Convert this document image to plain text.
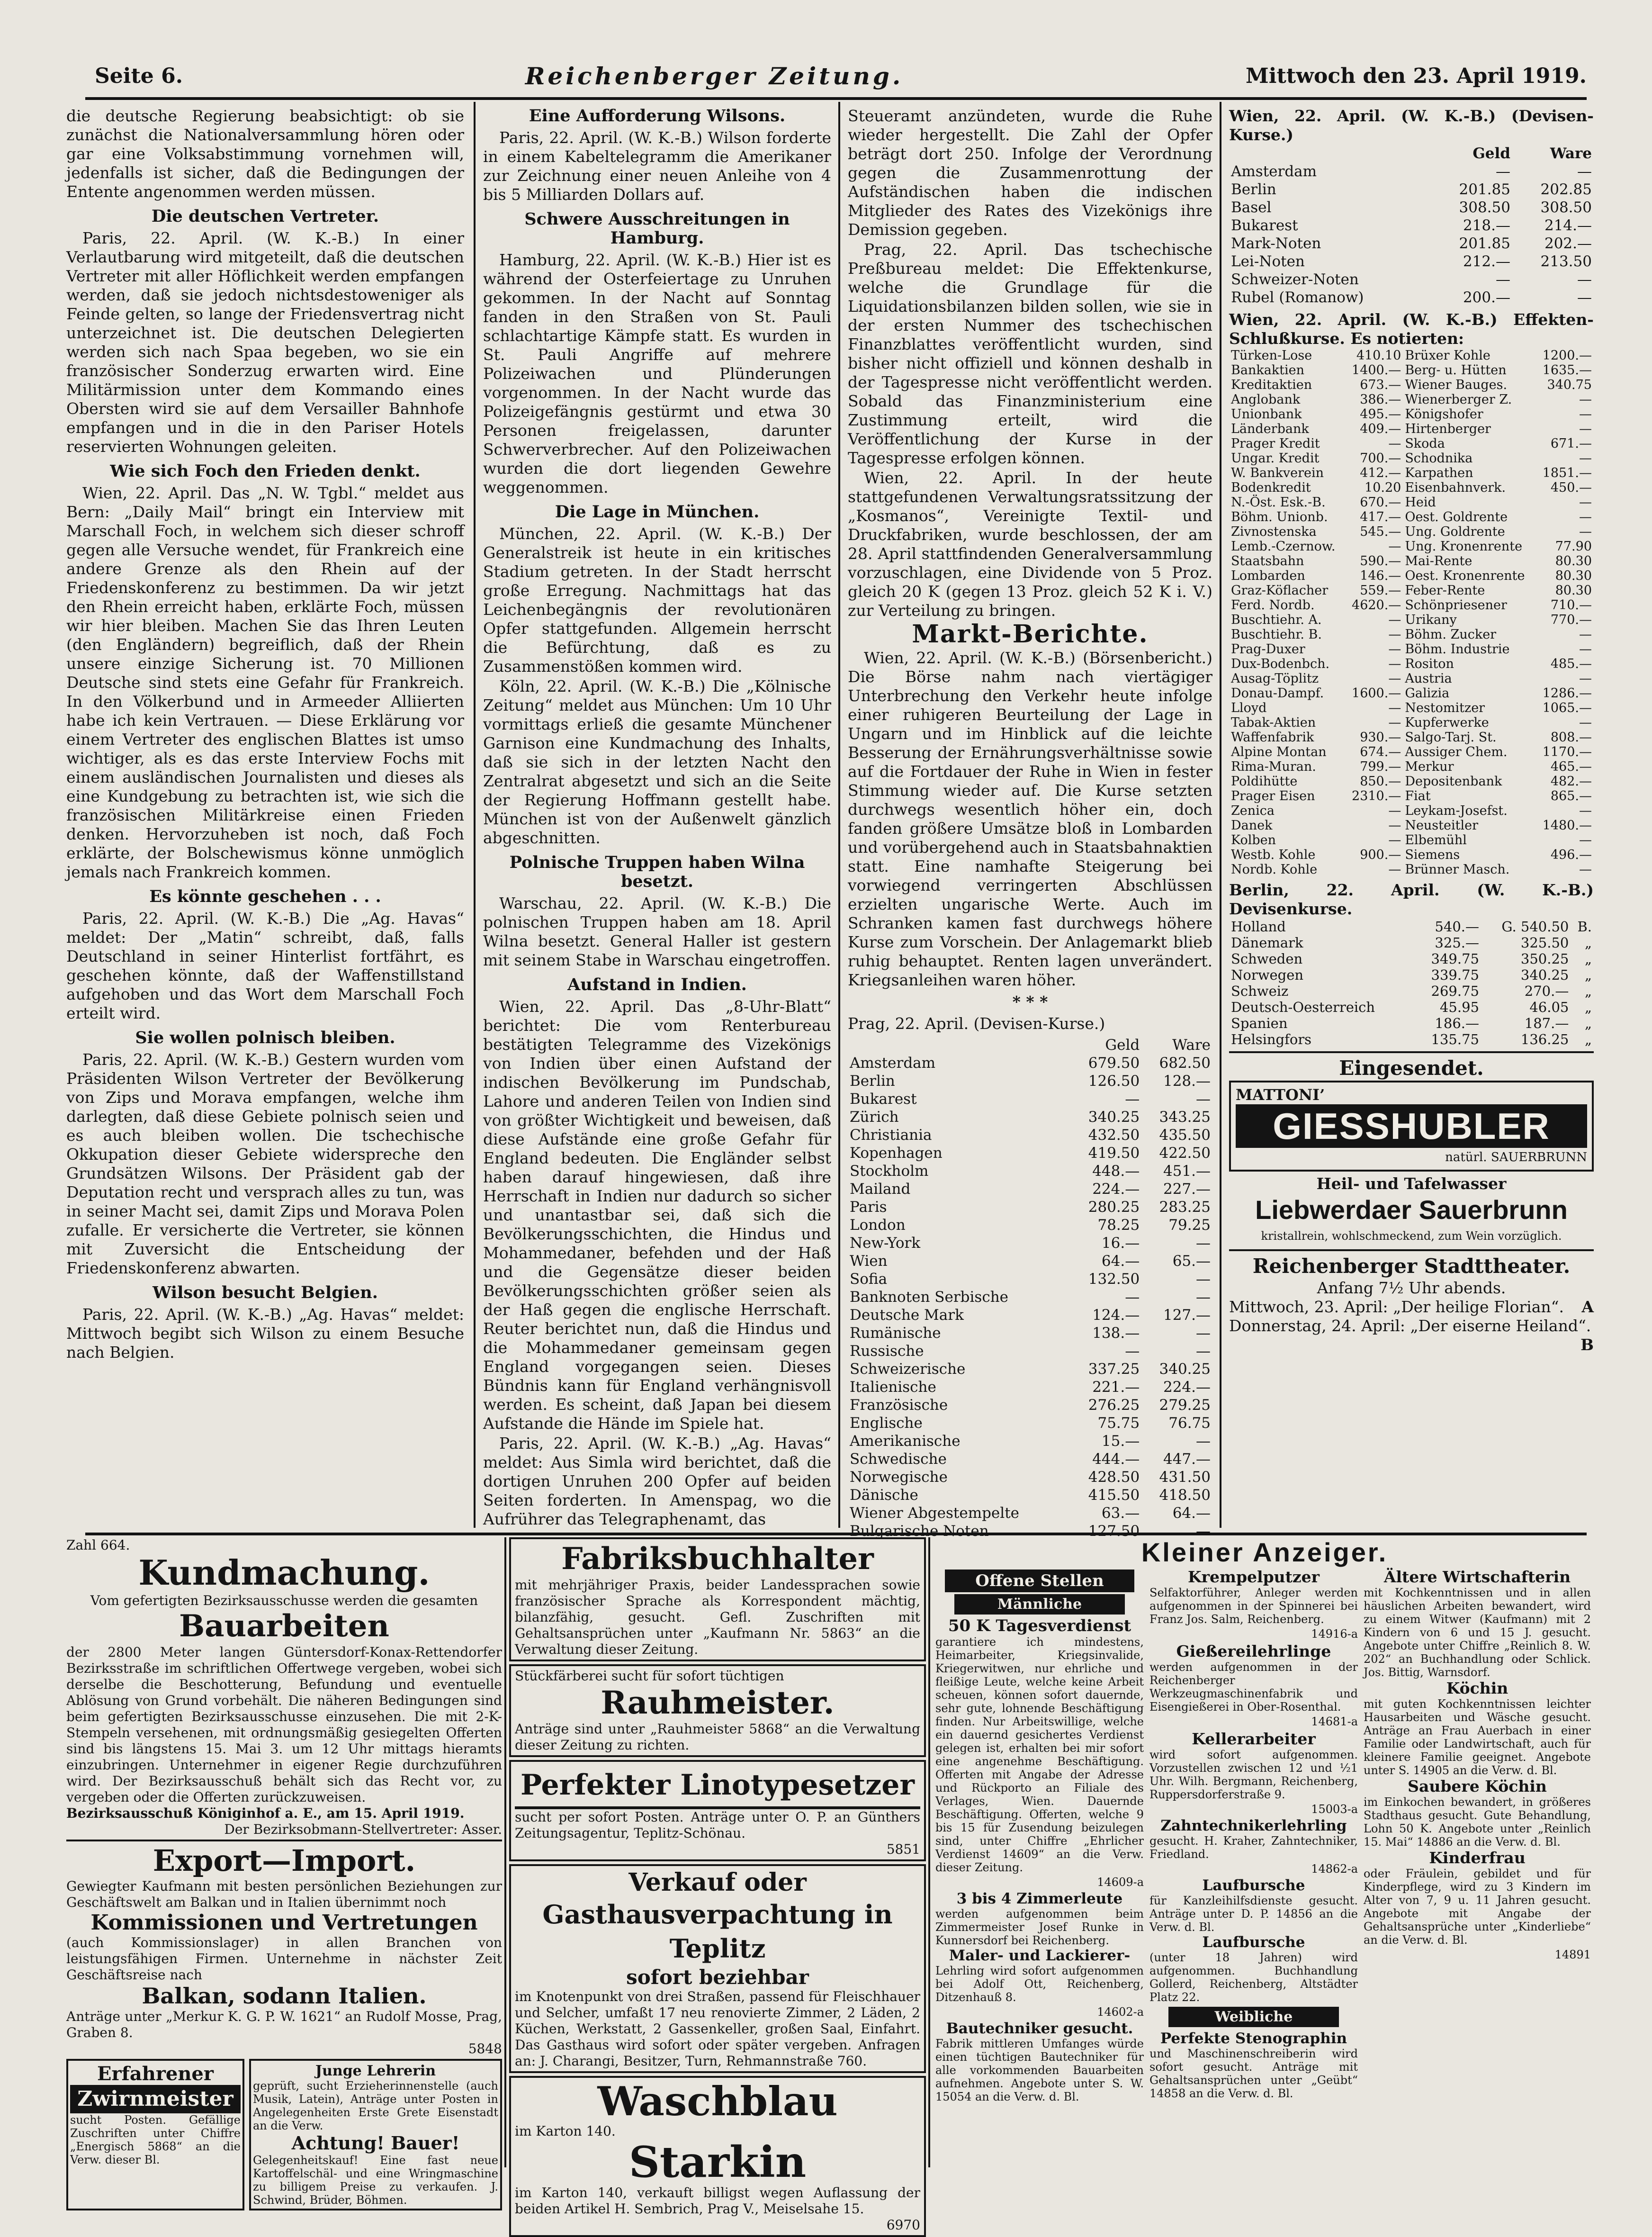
Seite 6.	Reichenberger Zeitung.	Mittwoch den 23. April 1919.

die deutsche Regierung beabsichtigt: ob sie zunächst die Nationalversammlung hören oder gar eine Volksabstimmung vornehmen will, jedenfalls ist sicher, daß die Bedingungen der Entente angenommen werden müssen.

Die deutschen Vertreter.

Paris, 22. April. (W. K.-B.) In einer Verlautbarung wird mitgeteilt, daß die deutschen Vertreter mit aller Höflichkeit werden empfangen werden, daß sie jedoch nichtsdestoweniger als Feinde gelten, so lange der Friedensvertrag nicht unterzeichnet ist. Die deutschen Delegierten werden sich nach Spaa begeben, wo sie ein französischer Sonderzug erwarten wird. Eine Militärmission unter dem Kommando eines Obersten wird sie auf dem Versailler Bahnhofe empfangen und in die in den Pariser Hotels reservierten Wohnungen geleiten.

Wie sich Foch den Frieden denkt.

Wien, 22. April. Das „N. W. Tgbl.“ meldet aus Bern: „Daily Mail“ bringt ein Interview mit Marschall Foch, in welchem sich dieser schroff gegen alle Versuche wendet, für Frankreich eine andere Grenze als den Rhein auf der Friedenskonferenz zu bestimmen. Da wir jetzt den Rhein erreicht haben, erklärte Foch, müssen wir hier bleiben. Machen Sie das Ihren Leuten (den Engländern) begreiflich, daß der Rhein unsere einzige Sicherung ist. 70 Millionen Deutsche sind stets eine Gefahr für Frankreich. In den Völkerbund und in Armeeder Alliierten habe ich kein Vertrauen. — Diese Erklärung vor einem Vertreter des englischen Blattes ist umso wichtiger, als es das erste Interview Fochs mit einem ausländischen Journalisten und dieses als eine Kundgebung zu betrachten ist, wie sich die französischen Militärkreise einen Frieden denken. Hervorzuheben ist noch, daß Foch erklärte, der Bolschewismus könne unmöglich jemals nach Frankreich kommen.

Es könnte geschehen . . .

Paris, 22. April. (W. K.-B.) Die „Ag. Havas“ meldet: Der „Matin“ schreibt, daß, falls Deutschland in seiner Hinterlist fortfährt, es geschehen könnte, daß der Waffenstillstand aufgehoben und das Wort dem Marschall Foch erteilt wird.

Sie wollen polnisch bleiben.

Paris, 22. April. (W. K.-B.) Gestern wurden vom Präsidenten Wilson Vertreter der Bevölkerung von Zips und Morava empfangen, welche ihm darlegten, daß diese Gebiete polnisch seien und es auch bleiben wollen. Die tschechische Okkupation dieser Gebiete widerspreche den Grundsätzen Wilsons. Der Präsident gab der Deputation recht und versprach alles zu tun, was in seiner Macht sei, damit Zips und Morava Polen zufalle. Er versicherte die Vertreter, sie können mit Zuversicht die Entscheidung der Friedenskonferenz abwarten.

Wilson besucht Belgien.

Paris, 22. April. (W. K.-B.) „Ag. Havas“ meldet: Mittwoch begibt sich Wilson zu einem Besuche nach Belgien.

Eine Aufforderung Wilsons.

Paris, 22. April. (W. K.-B.) Wilson forderte in einem Kabeltelegramm die Amerikaner zur Zeichnung einer neuen Anleihe von 4 bis 5 Milliarden Dollars auf.

Schwere Ausschreitungen in Hamburg.

Hamburg, 22. April. (W. K.-B.) Hier ist es während der Osterfeiertage zu Unruhen gekommen. In der Nacht auf Sonntag fanden in den Straßen von St. Pauli schlachtartige Kämpfe statt. Es wurden in St. Pauli Angriffe auf mehrere Polizeiwachen und Plünderungen vorgenommen. In der Nacht wurde das Polizeigefängnis gestürmt und etwa 30 Personen freigelassen, darunter Schwerverbrecher. Auf den Polizeiwachen wurden die dort liegenden Gewehre weggenommen.

Die Lage in München.

München, 22. April. (W. K.-B.) Der Generalstreik ist heute in ein kritisches Stadium getreten. In der Stadt herrscht große Erregung. Nachmittags hat das Leichenbegängnis der revolutionären Opfer stattgefunden. Allgemein herrscht die Befürchtung, daß es zu Zusammenstößen kommen wird.

Köln, 22. April. (W. K.-B.) Die „Kölnische Zeitung“ meldet aus München: Um 10 Uhr vormittags erließ die gesamte Münchener Garnison eine Kundmachung des Inhalts, daß sie sich in der letzten Nacht den Zentralrat abgesetzt und sich an die Seite der Regierung Hoffmann gestellt habe. München ist von der Außenwelt gänzlich abgeschnitten.

Polnische Truppen haben Wilna besetzt.

Warschau, 22. April. (W. K.-B.) Die polnischen Truppen haben am 18. April Wilna besetzt. General Haller ist gestern mit seinem Stabe in Warschau eingetroffen.

Aufstand in Indien.

Wien, 22. April. Das „8-Uhr-Blatt“ berichtet: Die vom Renterbureau bestätigten Telegramme des Vizekönigs von Indien über einen Aufstand der indischen Bevölkerung im Pundschab, Lahore und anderen Teilen von Indien sind von größter Wichtigkeit und beweisen, daß diese Aufstände eine große Gefahr für England bedeuten. Die Engländer selbst haben darauf hingewiesen, daß ihre Herrschaft in Indien nur dadurch so sicher und unantastbar sei, daß sich die Bevölkerungsschichten, die Hindus und Mohammedaner, befehden und der Haß und die Gegensätze dieser beiden Bevölkerungsschichten größer seien als der Haß gegen die englische Herrschaft. Reuter berichtet nun, daß die Hindus und die Mohammedaner gemeinsam gegen England vorgegangen seien. Dieses Bündnis kann für England verhängnisvoll werden. Es scheint, daß Japan bei diesem Aufstande die Hände im Spiele hat.

Paris, 22. April. (W. K.-B.) „Ag. Havas“ meldet: Aus Simla wird berichtet, daß die dortigen Unruhen 200 Opfer auf beiden Seiten forderten. In Amenspag, wo die Aufrührer das Telegraphenamt, das

Steueramt anzündeten, wurde die Ruhe wieder hergestellt. Die Zahl der Opfer beträgt dort 250. Infolge der Verordnung gegen die Zusammenrottung der Aufständischen haben die indischen Mitglieder des Rates des Vizekönigs ihre Demission gegeben.

Prag, 22. April. Das tschechische Preßbureau meldet: Die Effektenkurse, welche die Grundlage für die Liquidationsbilanzen bilden sollen, wie sie in der ersten Nummer des tschechischen Finanzblattes veröffentlicht wurden, sind bisher nicht offiziell und können deshalb in der Tagespresse nicht veröffentlicht werden. Sobald das Finanzministerium eine Zustimmung erteilt, wird die Veröffentlichung der Kurse in der Tagespresse erfolgen können.

Wien, 22. April. In der heute stattgefundenen Verwaltungsratssitzung der „Kosmanos“, Vereinigte Textil- und Druckfabriken, wurde beschlossen, der am 28. April stattfindenden Generalversammlung vorzuschlagen, eine Dividende von 5 Proz. gleich 20 K (gegen 13 Proz. gleich 52 K i. V.) zur Verteilung zu bringen.

Markt-Berichte.

Wien, 22. April. (W. K.-B.) (Börsenbericht.) Die Börse nahm nach viertägiger Unterbrechung den Verkehr heute infolge einer ruhigeren Beurteilung der Lage in Ungarn und im Hinblick auf die leichte Besserung der Ernährungsverhältnisse sowie auf die Fortdauer der Ruhe in Wien in fester Stimmung wieder auf. Die Kurse setzten durchwegs wesentlich höher ein, doch fanden größere Umsätze bloß in Lombarden und vorübergehend auch in Staatsbahnaktien statt. Eine namhafte Steigerung bei vorwiegend verringerten Abschlüssen erzielten ungarische Werte. Auch im Schranken kamen fast durchwegs höhere Kurse zum Vorschein. Der Anlagemarkt blieb ruhig behauptet. Renten lagen unverändert. Kriegsanleihen waren höher.

* * *
Prag, 22. April. (Devisen-Kurse.)
	Geld	Ware
Amsterdam	679.50	682.50
Berlin	126.50	128.—
Bukarest	—	—
Zürich	340.25	343.25
Christiania	432.50	435.50
Kopenhagen	419.50	422.50
Stockholm	448.—	451.—
Mailand	224.—	227.—
Paris	280.25	283.25
London	78.25	79.25
New-York	16.—	—
Wien	64.—	65.—
Sofia	132.50	—
Banknoten Serbische	—	—
Deutsche Mark	124.—	127.—
Rumänische	138.—	—
Russische	—	—
Schweizerische	337.25	340.25
Italienische	221.—	224.—
Französische	276.25	279.25
Englische	75.75	76.75
Amerikanische	15.—	—
Schwedische	444.—	447.—
Norwegische	428.50	431.50
Dänische	415.50	418.50
Wiener Abgestempelte	63.—	64.—
Bulgarische Noten	127.50	—
Wien, 22. April. (W. K.-B.) (Devisen-Kurse.)
	Geld	Ware
Amsterdam	—	—
Berlin	201.85	202.85
Basel	308.50	308.50
Bukarest	218.—	214.—
Mark-Noten	201.85	202.—
Lei-Noten	212.—	213.50
Schweizer-Noten	—	—
Rubel (Romanow)	200.—	—
Wien, 22. April. (W. K.-B.) Effekten-Schlußkurse. Es notierten:
Türken-Lose	410.10	Brüxer Kohle	1200.—
Bankaktien	1400.—	Berg- u. Hütten	1635.—
Kreditaktien	673.—	Wiener Bauges.	340.75
Anglobank	386.—	Wienerberger Z.	—
Unionbank	495.—	Königshofer	—
Länderbank	409.—	Hirtenberger	—
Prager Kredit	—	Skoda	671.—
Ungar. Kredit	700.—	Schodnika	—
W. Bankverein	412.—	Karpathen	1851.—
Bodenkredit	10.20	Eisenbahnverk.	450.—
N.-Öst. Esk.-B.	670.—	Heid	—
Böhm. Unionb.	417.—	Oest. Goldrente	—
Zivnostenska	545.—	Ung. Goldrente	—
Lemb.-Czernow.	—	Ung. Kronenrente	77.90
Staatsbahn	590.—	Mai-Rente	80.30
Lombarden	146.—	Oest. Kronenrente	80.30
Graz-Köflacher	559.—	Feber-Rente	80.30
Ferd. Nordb.	4620.—	Schönpriesener	710.—
Buschtiehr. A.	—	Urikany	770.—
Buschtiehr. B.	—	Böhm. Zucker	—
Prag-Duxer	—	Böhm. Industrie	—
Dux-Bodenbch.	—	Rositon	485.—
Ausag-Töplitz	—	Austria	—
Donau-Dampf.	1600.—	Galizia	1286.—
Lloyd	—	Nestomitzer	1065.—
Tabak-Aktien	—	Kupferwerke	—
Waffenfabrik	930.—	Salgo-Tarj. St.	808.—
Alpine Montan	674.—	Aussiger Chem.	1170.—
Rima-Muran.	799.—	Merkur	465.—
Poldihütte	850.—	Depositenbank	482.—
Prager Eisen	2310.—	Fiat	865.—
Zenica	—	Leykam-Josefst.	—
Danek	—	Neusteitler	1480.—
Kolben	—	Elbemühl	—
Westb. Kohle	900.—	Siemens	496.—
Nordb. Kohle	—	Brünner Masch.	—
Berlin, 22. April. (W. K.-B.) Devisenkurse.
Holland	540.—	G. 540.50	B.
Dänemark	325.—	325.50	„
Schweden	349.75	350.25	„
Norwegen	339.75	340.25	„
Schweiz	269.75	270.—	„
Deutsch-Oesterreich	45.95	46.05	„
Spanien	186.—	187.—	„
Helsingfors	135.75	136.25	„
Eingesendet.
MATTONI’
GIESSHUBLER
natürl. SAUERBRUNN
Heil- und Tafelwasser
Liebwerdaer Sauerbrunn
kristallrein, wohlschmeckend, zum Wein vorzüglich.
Reichenberger Stadttheater.
Anfang 7½ Uhr abends.
Mittwoch, 23. April: „Der heilige Florian“. A
Donnerstag, 24. April: „Der eiserne Heiland“.
B
Zahl 664.
Kundmachung.
Vom gefertigten Bezirksausschusse werden die gesamten
Bauarbeiten
der 2800 Meter langen Güntersdorf-Konax-Rettendorfer Bezirksstraße im schriftlichen Offertwege vergeben, wobei sich derselbe die Beschotterung, Befundung und eventuelle Ablösung von Grund vorbehält. Die näheren Bedingungen sind beim gefertigten Bezirksausschusse einzusehen. Die mit 2-K-Stempeln versehenen, mit ordnungsmäßig gesiegelten Offerten sind bis längstens 15. Mai 3. um 12 Uhr mittags hieramts einzubringen. Unternehmer in eigener Regie durchzuführen wird. Der Bezirksausschuß behält sich das Recht vor, zu vergeben oder die Offerten zurückzuweisen.
Bezirksausschuß Königinhof a. E., am 15. April 1919.
Der Bezirksobmann-Stellvertreter: Asser.
Export—Import.
Gewiegter Kaufmann mit besten persönlichen Beziehungen zur Geschäftswelt am Balkan und in Italien übernimmt noch
Kommissionen und Vertretungen
(auch Kommissionslager) in allen Branchen von leistungsfähigen Firmen. Unternehme in nächster Zeit Geschäftsreise nach
Balkan, sodann Italien.
Anträge unter „Merkur K. G. P. W. 1621“ an Rudolf Mosse, Prag, Graben 8.
5848
Erfahrener
Zwirnmeister
sucht Posten. Gefällige Zuschriften unter Chiffre „Energisch 5868“ an die Verw. dieser Bl.
Junge Lehrerin
geprüft, sucht Erzieherinnenstelle (auch Musik, Latein), Anträge unter Posten in Angelegenheiten Erste Grete Eisenstadt an die Verw.
Achtung! Bauer!
Gelegenheitskauf! Eine fast neue Kartoffelschäl- und eine Wringmaschine zu billigem Preise zu verkaufen. J. Schwind, Brüder, Böhmen.
Fabriksbuchhalter
mit mehrjähriger Praxis, beider Landessprachen sowie französischer Sprache als Korrespondent mächtig, bilanzfähig, gesucht. Gefl. Zuschriften mit Gehaltsansprüchen unter „Kaufmann Nr. 5863“ an die Verwaltung dieser Zeitung.
Stückfärberei sucht für sofort tüchtigen
Rauhmeister.
Anträge sind unter „Rauhmeister 5868“ an die Verwaltung dieser Zeitung zu richten.
Perfekter Linotypesetzer
sucht per sofort Posten. Anträge unter O. P. an Günthers Zeitungsagentur, Teplitz-Schönau.
5851
Verkauf oder
Gasthausverpachtung in Teplitz
sofort beziehbar
im Knotenpunkt von drei Straßen, passend für Fleischhauer und Selcher, umfaßt 17 neu renovierte Zimmer, 2 Läden, 2 Küchen, Werkstatt, 2 Gassenkeller, großen Saal, Einfahrt. Das Gasthaus wird sofort oder später vergeben. Anfragen an: J. Charangi, Besitzer, Turn, Rehmannstraße 760.
Waschblau
im Karton 140.
Starkin
im Karton 140, verkauft billigst wegen Auflassung der beiden Artikel H. Sembrich, Prag V., Meiselsahe 15.
6970
Kleiner Anzeiger.
Offene Stellen
Männliche
50 K Tagesverdienst
garantiere ich mindestens, Heimarbeiter, Kriegsinvalide, Kriegerwitwen, nur ehrliche und fleißige Leute, welche keine Arbeit scheuen, können sofort dauernde, sehr gute, lohnende Beschäftigung finden. Nur Arbeitswillige, welche ein dauernd gesichertes Verdienst gelegen ist, erhalten bei mir sofort eine angenehme Beschäftigung. Offerten mit Angabe der Adresse und Rückporto an Filiale des Verlages, Wien. Dauernde Beschäftigung. Offerten, welche 9 bis 15 für Zusendung beizulegen sind, unter Chiffre „Ehrlicher Verdienst 14609“ an die Verw. dieser Zeitung.
14609-a
3 bis 4 Zimmerleute
werden aufgenommen beim Zimmermeister Josef Runke in Kunnersdorf bei Reichenberg.
Maler- und Lackierer-
Lehrling wird sofort aufgenommen bei Adolf Ott, Reichenberg, Ditzenhauß 8.
14602-a
Bautechniker gesucht.
Fabrik mittleren Umfanges würde einen tüchtigen Bautechniker für alle vorkommenden Bauarbeiten aufnehmen. Angebote unter S. W. 15054 an die Verw. d. Bl.
Krempelputzer
Selfaktorführer, Anleger werden aufgenommen in der Spinnerei bei Franz Jos. Salm, Reichenberg.
14916-a
Gießereilehrlinge
werden aufgenommen in der Reichenberger Werkzeugmaschinenfabrik und Eisengießerei in Ober-Rosenthal.
14681-a
Kellerarbeiter
wird sofort aufgenommen. Vorzustellen zwischen 12 und ½1 Uhr. Wilh. Bergmann, Reichenberg, Ruppersdorferstraße 9.
15003-a
Zahntechnikerlehrling
gesucht. H. Kraher, Zahntechniker, Friedland.
14862-a
Laufbursche
für Kanzleihilfsdienste gesucht. Anträge unter D. P. 14856 an die Verw. d. Bl.
Laufbursche
(unter 18 Jahren) wird aufgenommen. Buchhandlung Gollerd, Reichenberg, Altstädter Platz 22.
Weibliche
Perfekte Stenographin
und Maschinenschreiberin wird sofort gesucht. Anträge mit Gehaltsansprüchen unter „Geübt“ 14858 an die Verw. d. Bl.
Ältere Wirtschafterin
mit Kochkenntnissen und in allen häuslichen Arbeiten bewandert, wird zu einem Witwer (Kaufmann) mit 2 Kindern von 6 und 15 J. gesucht. Angebote unter Chiffre „Reinlich 8. W. 202“ an Buchhandlung oder Schlick. Jos. Bittig, Warnsdorf.
Köchin
mit guten Kochkenntnissen leichter Hausarbeiten und Wäsche gesucht. Anträge an Frau Auerbach in einer Familie oder Landwirtschaft, auch für kleinere Familie geeignet. Angebote unter S. 14905 an die Verw. d. Bl.
Saubere Köchin
im Einkochen bewandert, in größeres Stadthaus gesucht. Gute Behandlung, Lohn 50 K. Angebote unter „Reinlich 15. Mai“ 14886 an die Verw. d. Bl.
Kinderfrau
oder Fräulein, gebildet und für Kinderpflege, wird zu 3 Kindern im Alter von 7, 9 u. 11 Jahren gesucht. Angebote mit Angabe der Gehaltsansprüche unter „Kinderliebe“ an die Verw. d. Bl.
14891
